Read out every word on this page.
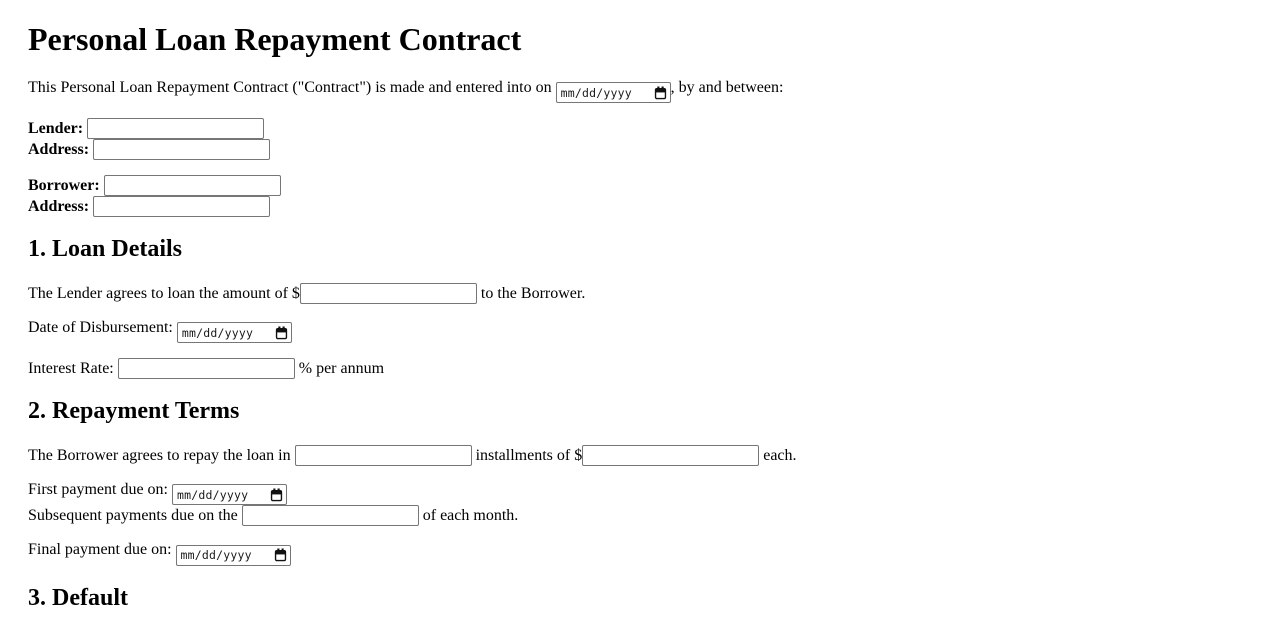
Personal Loan Repayment Contract

This Personal Loan Repayment Contract ("Contract") is made and entered into on mm/dd/yyyy , by and between:

Lender:
Address:

Borrower:
Address:

1. Loan Details

The Lender agrees to loan the amount of $	to the Borrower.

Date of Disbursement: mm/dd/yyyy

Interest Rate:	% per annum

2. Repayment Terms

The Borrower agrees to repay the loan in	installments of $	each.

First payment due on: mm/dd/yyyy

Subsequent payments due on the	of each month.

Final payment due on: mm/dd/yyyy

3. Default
